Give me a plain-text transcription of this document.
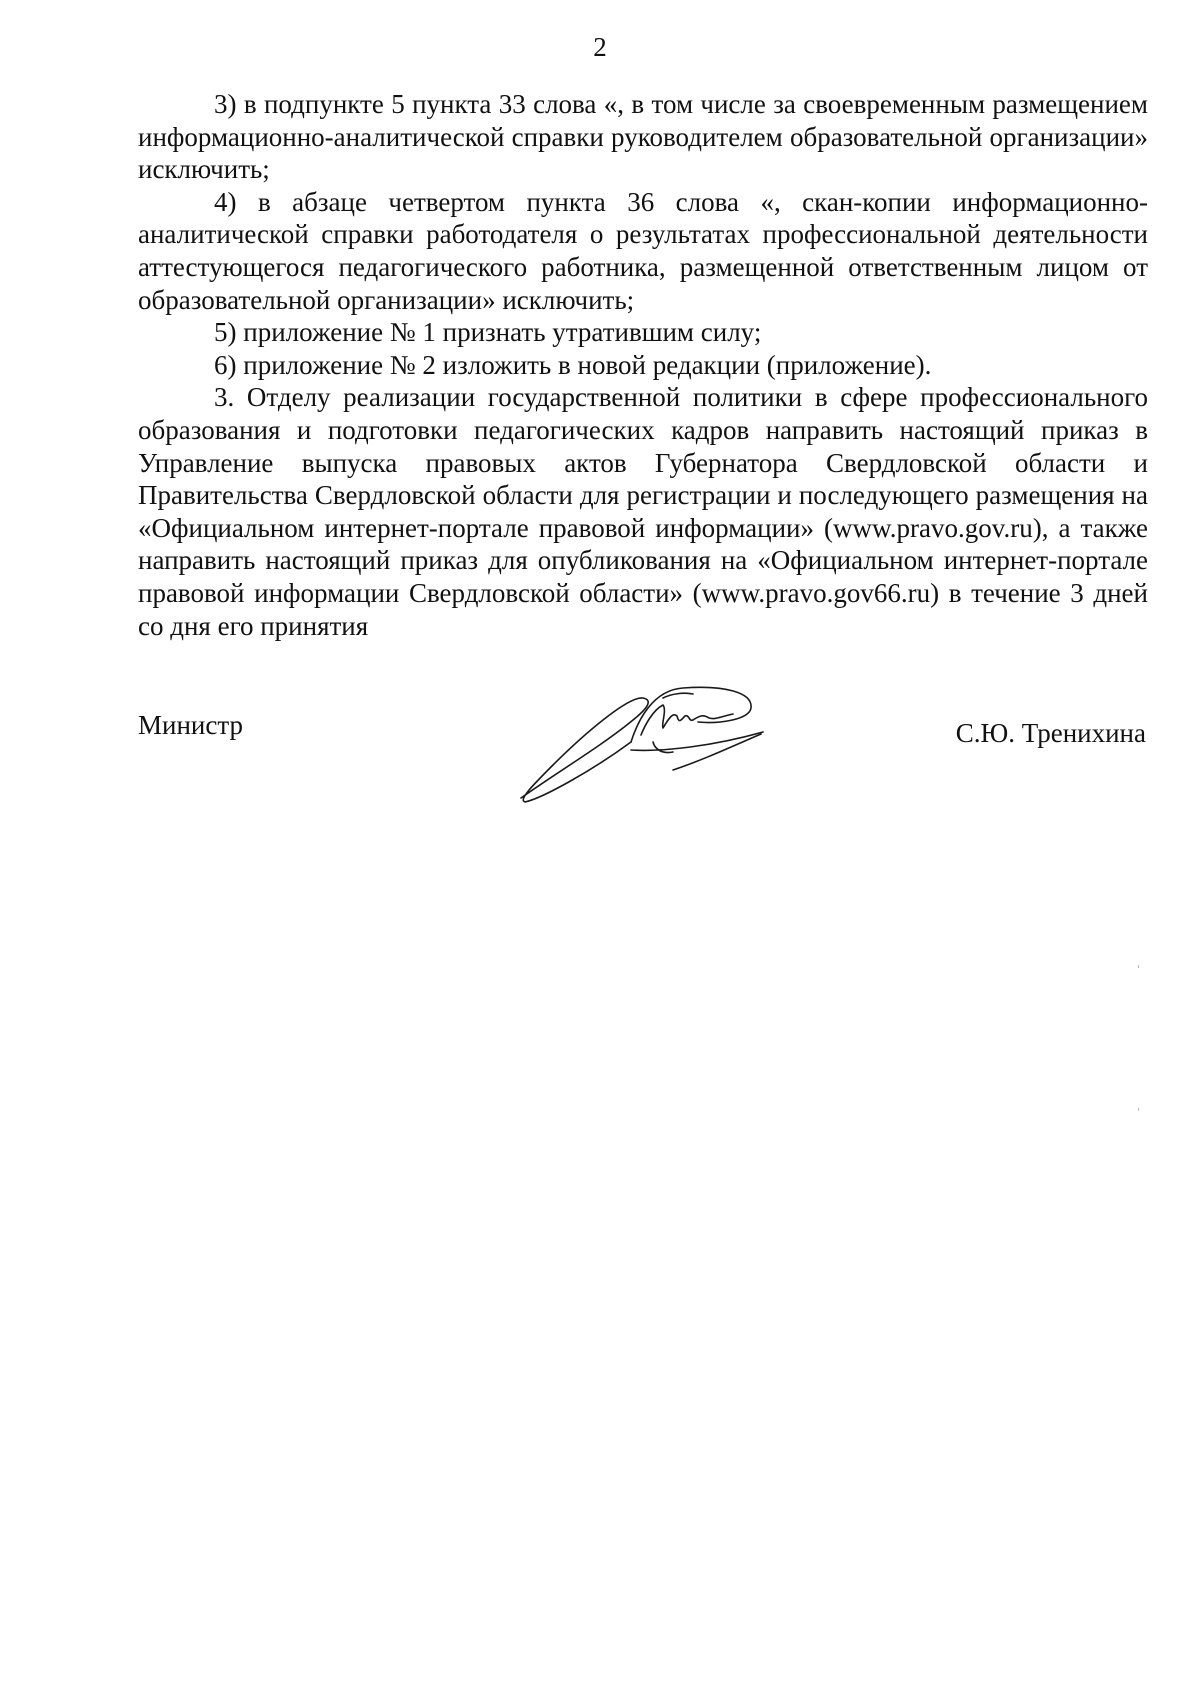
2

3) в подпункте 5 пункта 33 слова «, в том числе за своевременным размещением информационно-аналитической справки руководителем образовательной организации» исключить;

4) в абзаце четвертом пункта 36 слова «, скан-копии информационно-аналитической справки работодателя о результатах профессиональной деятельности аттестующегося педагогического работника, размещенной ответственным лицом от образовательной организации» исключить;

5) приложение № 1 признать утратившим силу;

6) приложение № 2 изложить в новой редакции (приложение).

3. Отделу реализации государственной политики в сфере профессионального образования и подготовки педагогических кадров направить настоящий приказ в Управление выпуска правовых актов Губернатора Свердловской области и Правительства Свердловской области для регистрации и последующего размещения на «Официальном интернет-портале правовой информации» (www.pravo.gov.ru), а также направить настоящий приказ для опубликования на «Официальном интернет-портале правовой информации Свердловской области» (www.pravo.gov66.ru) в течение 3 дней со дня его принятия

Министр	С.Ю. Тренихина
